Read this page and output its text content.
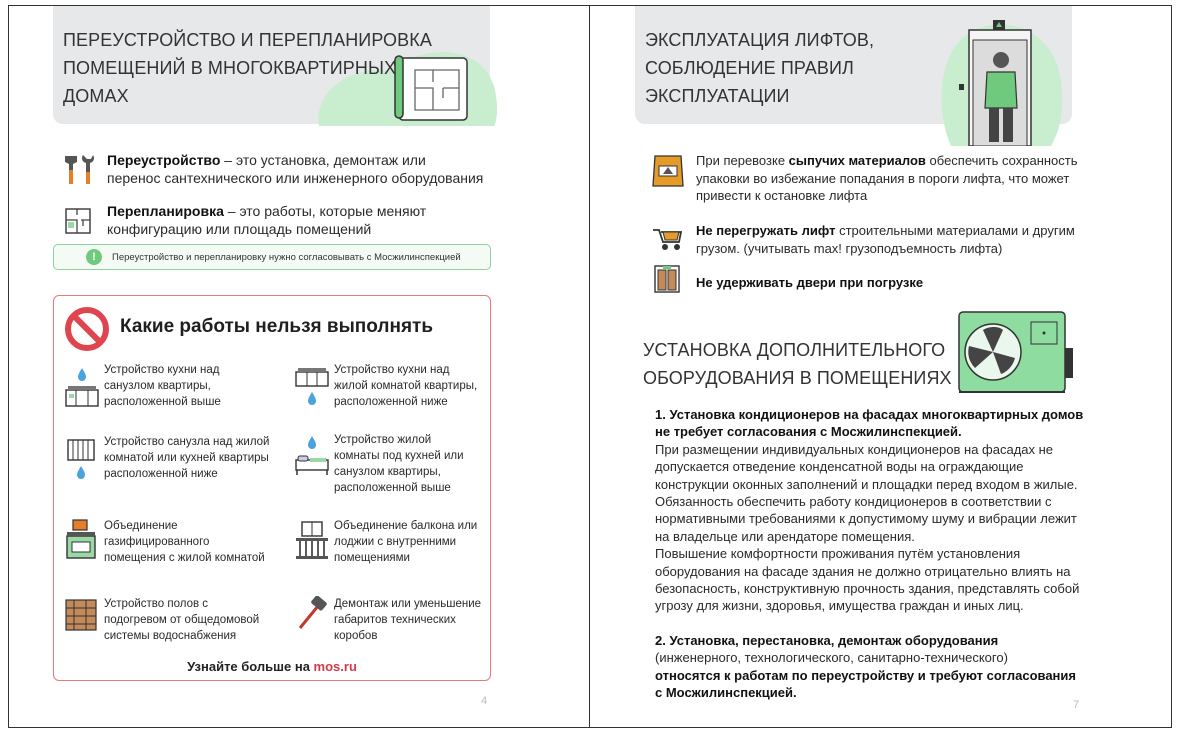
ПЕРЕУСТРОЙСТВО И ПЕРЕПЛАНИРОВКА
ПОМЕЩЕНИЙ В МНОГОКВАРТИРНЫХ
ДОМАХ
Переустройство – это установка, демонтаж или
перенос сантехнического или инженерного оборудования
Перепланировка – это работы, которые меняют
конфигурацию или площадь помещений
!	Переустройство и перепланировку нужно согласовывать с Мосжилинспекцией
Какие работы нельзя выполнять
Устройство кухни над
санузлом квартиры,
расположенной выше
Устройство кухни над
жилой комнатой квартиры,
расположенной ниже
Устройство санузла над жилой
комнатой или кухней квартиры
расположенной ниже
Устройство жилой
комнаты под кухней или
санузлом квартиры,
расположенной выше
Объединение
газифицированного
помещения с жилой комнатой
Объединение балкона или
лоджии с внутренними
помещениями
Устройство полов с
подогревом от общедомовой
системы водоснабжения
Демонтаж или уменьшение
габаритов технических
коробов
Узнайте больше на mos.ru
4
ЭКСПЛУАТАЦИЯ ЛИФТОВ,
СОБЛЮДЕНИЕ ПРАВИЛ
ЭКСПЛУАТАЦИИ
При перевозке сыпучих материалов обеспечить сохранность
упаковки во избежание попадания в пороги лифта, что может
привести к остановке лифта
Не перегружать лифт строительными материалами и другим
грузом. (учитывать max! грузоподъемность лифта)
Не удерживать двери при погрузке
УСТАНОВКА ДОПОЛНИТЕЛЬНОГО
ОБОРУДОВАНИЯ В ПОМЕЩЕНИЯХ

1. Установка кондиционеров на фасадах многоквартирных домов

не требует согласования с Мосжилинспекцией.

При размещении индивидуальных кондиционеров на фасадах не

допускается отведение конденсатной воды на ограждающие

конструкции оконных заполнений и площадки перед входом в жилые.

Обязанность обеспечить работу кондиционеров в соответствии с

нормативными требованиями к допустимому шуму и вибрации лежит

на владельце или арендаторе помещения.

Повышение комфортности проживания путём установления

оборудования на фасаде здания не должно отрицательно влиять на

безопасность, конструктивную прочность здания, представлять собой

угрозу для жизни, здоровья, имущества граждан и иных лиц.

2. Установка, перестановка, демонтаж оборудования

(инженерного, технологического, санитарно-технического)

относятся к работам по переустройству и требуют согласования

с Мосжилинспекцией.

7
